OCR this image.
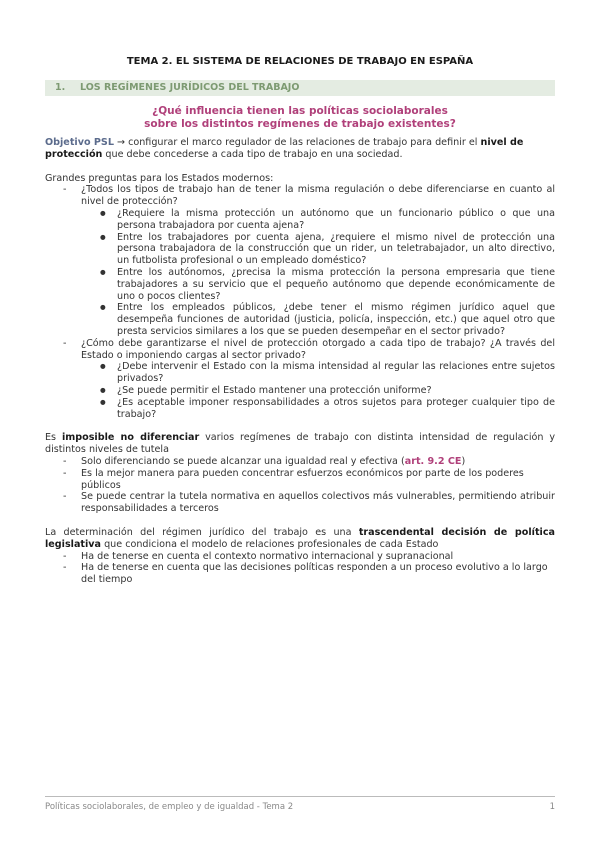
TEMA 2. EL SISTEMA DE RELACIONES DE TRABAJO EN ESPAÑA
1. LOS REGÍMENES JURÍDICOS DEL TRABAJO
¿Qué influencia tienen las políticas sociolaborales
sobre los distintos regímenes de trabajo existentes?

Objetivo PSL → configurar el marco regulador de las relaciones de trabajo para definir el nivel de protección que debe concederse a cada tipo de trabajo en una sociedad.

Grandes preguntas para los Estados modernos:

- ¿Todos los tipos de trabajo han de tener la misma regulación o debe diferenciarse en cuanto al nivel de protección?
● ¿Requiere la misma protección un autónomo que un funcionario público o que una persona trabajadora por cuenta ajena?
● Entre los trabajadores por cuenta ajena, ¿requiere el mismo nivel de protección una persona trabajadora de la construcción que un rider, un teletrabajador, un alto directivo, un futbolista profesional o un empleado doméstico?
● Entre los autónomos, ¿precisa la misma protección la persona empresaria que tiene trabajadores a su servicio que el pequeño autónomo que depende económicamente de uno o pocos clientes?
● Entre los empleados públicos, ¿debe tener el mismo régimen jurídico aquel que desempeña funciones de autoridad (justicia, policía, inspección, etc.) que aquel otro que presta servicios similares a los que se pueden desempeñar en el sector privado?
- ¿Cómo debe garantizarse el nivel de protección otorgado a cada tipo de trabajo? ¿A través del Estado o imponiendo cargas al sector privado?
● ¿Debe intervenir el Estado con la misma intensidad al regular las relaciones entre sujetos privados?
● ¿Se puede permitir el Estado mantener una protección uniforme?
● ¿Es aceptable imponer responsabilidades a otros sujetos para proteger cualquier tipo de trabajo?

Es imposible no diferenciar varios regímenes de trabajo con distinta intensidad de regulación y distintos niveles de tutela

- Solo diferenciando se puede alcanzar una igualdad real y efectiva (art. 9.2 CE)
- Es la mejor manera para pueden concentrar esfuerzos económicos por parte de los poderes públicos
- Se puede centrar la tutela normativa en aquellos colectivos más vulnerables, permitiendo atribuir responsabilidades a terceros

La determinación del régimen jurídico del trabajo es una trascendental decisión de política legislativa que condiciona el modelo de relaciones profesionales de cada Estado

- Ha de tenerse en cuenta el contexto normativo internacional y supranacional
- Ha de tenerse en cuenta que las decisiones políticas responden a un proceso evolutivo a lo largo del tiempo
Políticas sociolaborales, de empleo y de igualdad - Tema 2	1
